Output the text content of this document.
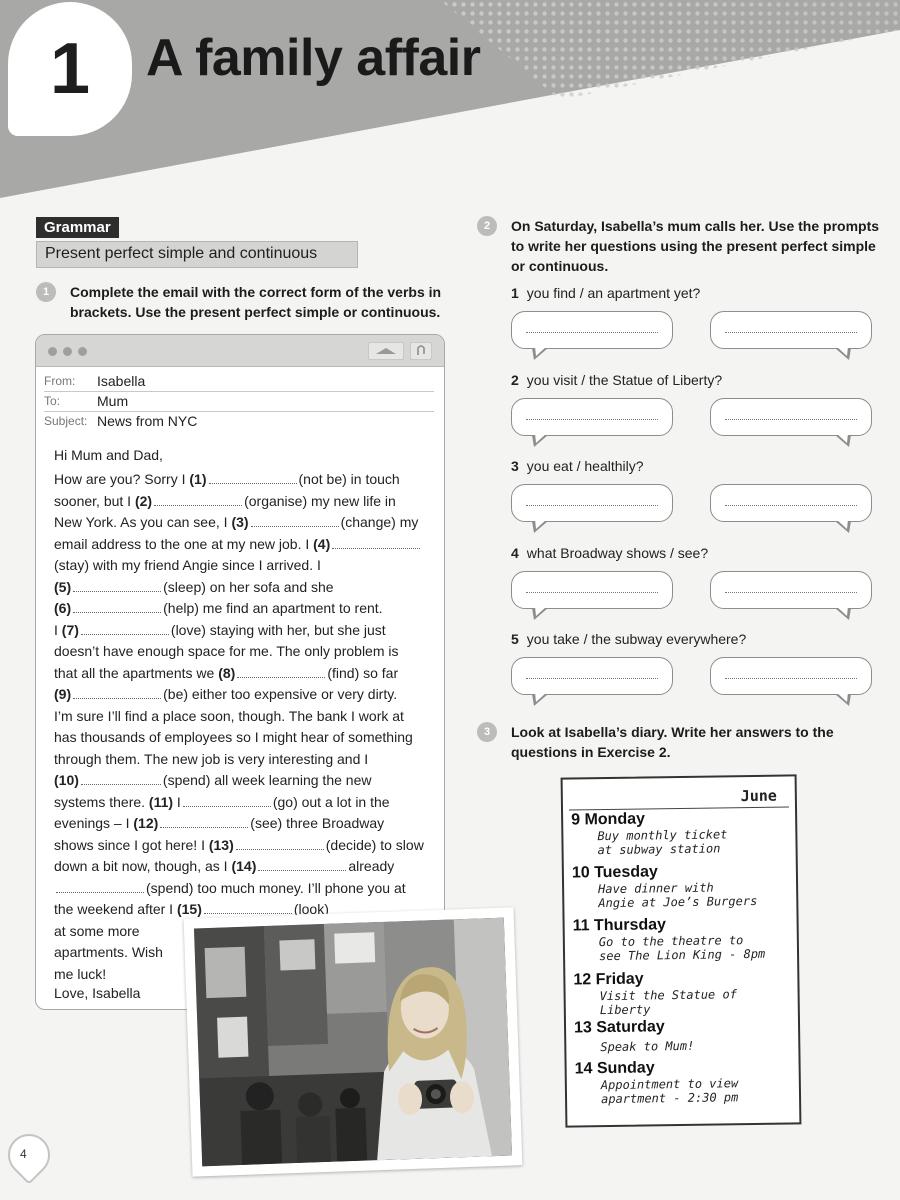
1	A family affair
Grammar
Present perfect simple and continuous
1	Complete the email with the correct form of the verbs in
brackets. Use the present perfect simple or continuous.
From: Isabella
To:	Mum
Subject: News from NYC
Hi Mum and Dad,
How are you? Sorry I (1)	(not be) in touch
sooner, but I (2)	(organise) my new life in
New York. As you can see, I (3)	(change) my
email address to the one at my new job. I (4)
(stay) with my friend Angie since I arrived. I
(5)	(sleep) on her sofa and she
(6)	(help) me find an apartment to rent.
I (7)	(love) staying with her, but she just
doesn’t have enough space for me. The only problem is
that all the apartments we (8)	(find) so far
(9)	(be) either too expensive or very dirty.
I’m sure I’ll find a place soon, though. The bank I work at
has thousands of employees so I might hear of something
through them. The new job is very interesting and I
(10)	(spend) all week learning the new
systems there. (11) I	(go) out a lot in the
evenings – I (12)	(see) three Broadway
shows since I got here! I (13)	(decide) to slow
down a bit now, though, as I (14)	already
(spend) too much money. I’ll phone you at
the weekend after I (15)	(look)
at some more
apartments. Wish
me luck!
Love, Isabella
4
2	On Saturday, Isabella’s mum calls her. Use the prompts
to write her questions using the present perfect simple
or continuous.
1 you find / an apartment yet?
2 you visit / the Statue of Liberty?
3 you eat / healthily?
4 what Broadway shows / see?
5 you take / the subway everywhere?
3	Look at Isabella’s diary. Write her answers to the
questions in Exercise 2.
June
9 Monday
Buy monthly ticket
at subway station
10 Tuesday
Have dinner with
Angie at Joe’s Burgers
11 Thursday
Go to the theatre to
see The Lion King - 8pm
12 Friday
Visit the Statue of
Liberty
13 Saturday
Speak to Mum!
14 Sunday
Appointment to view
apartment - 2:30 pm
